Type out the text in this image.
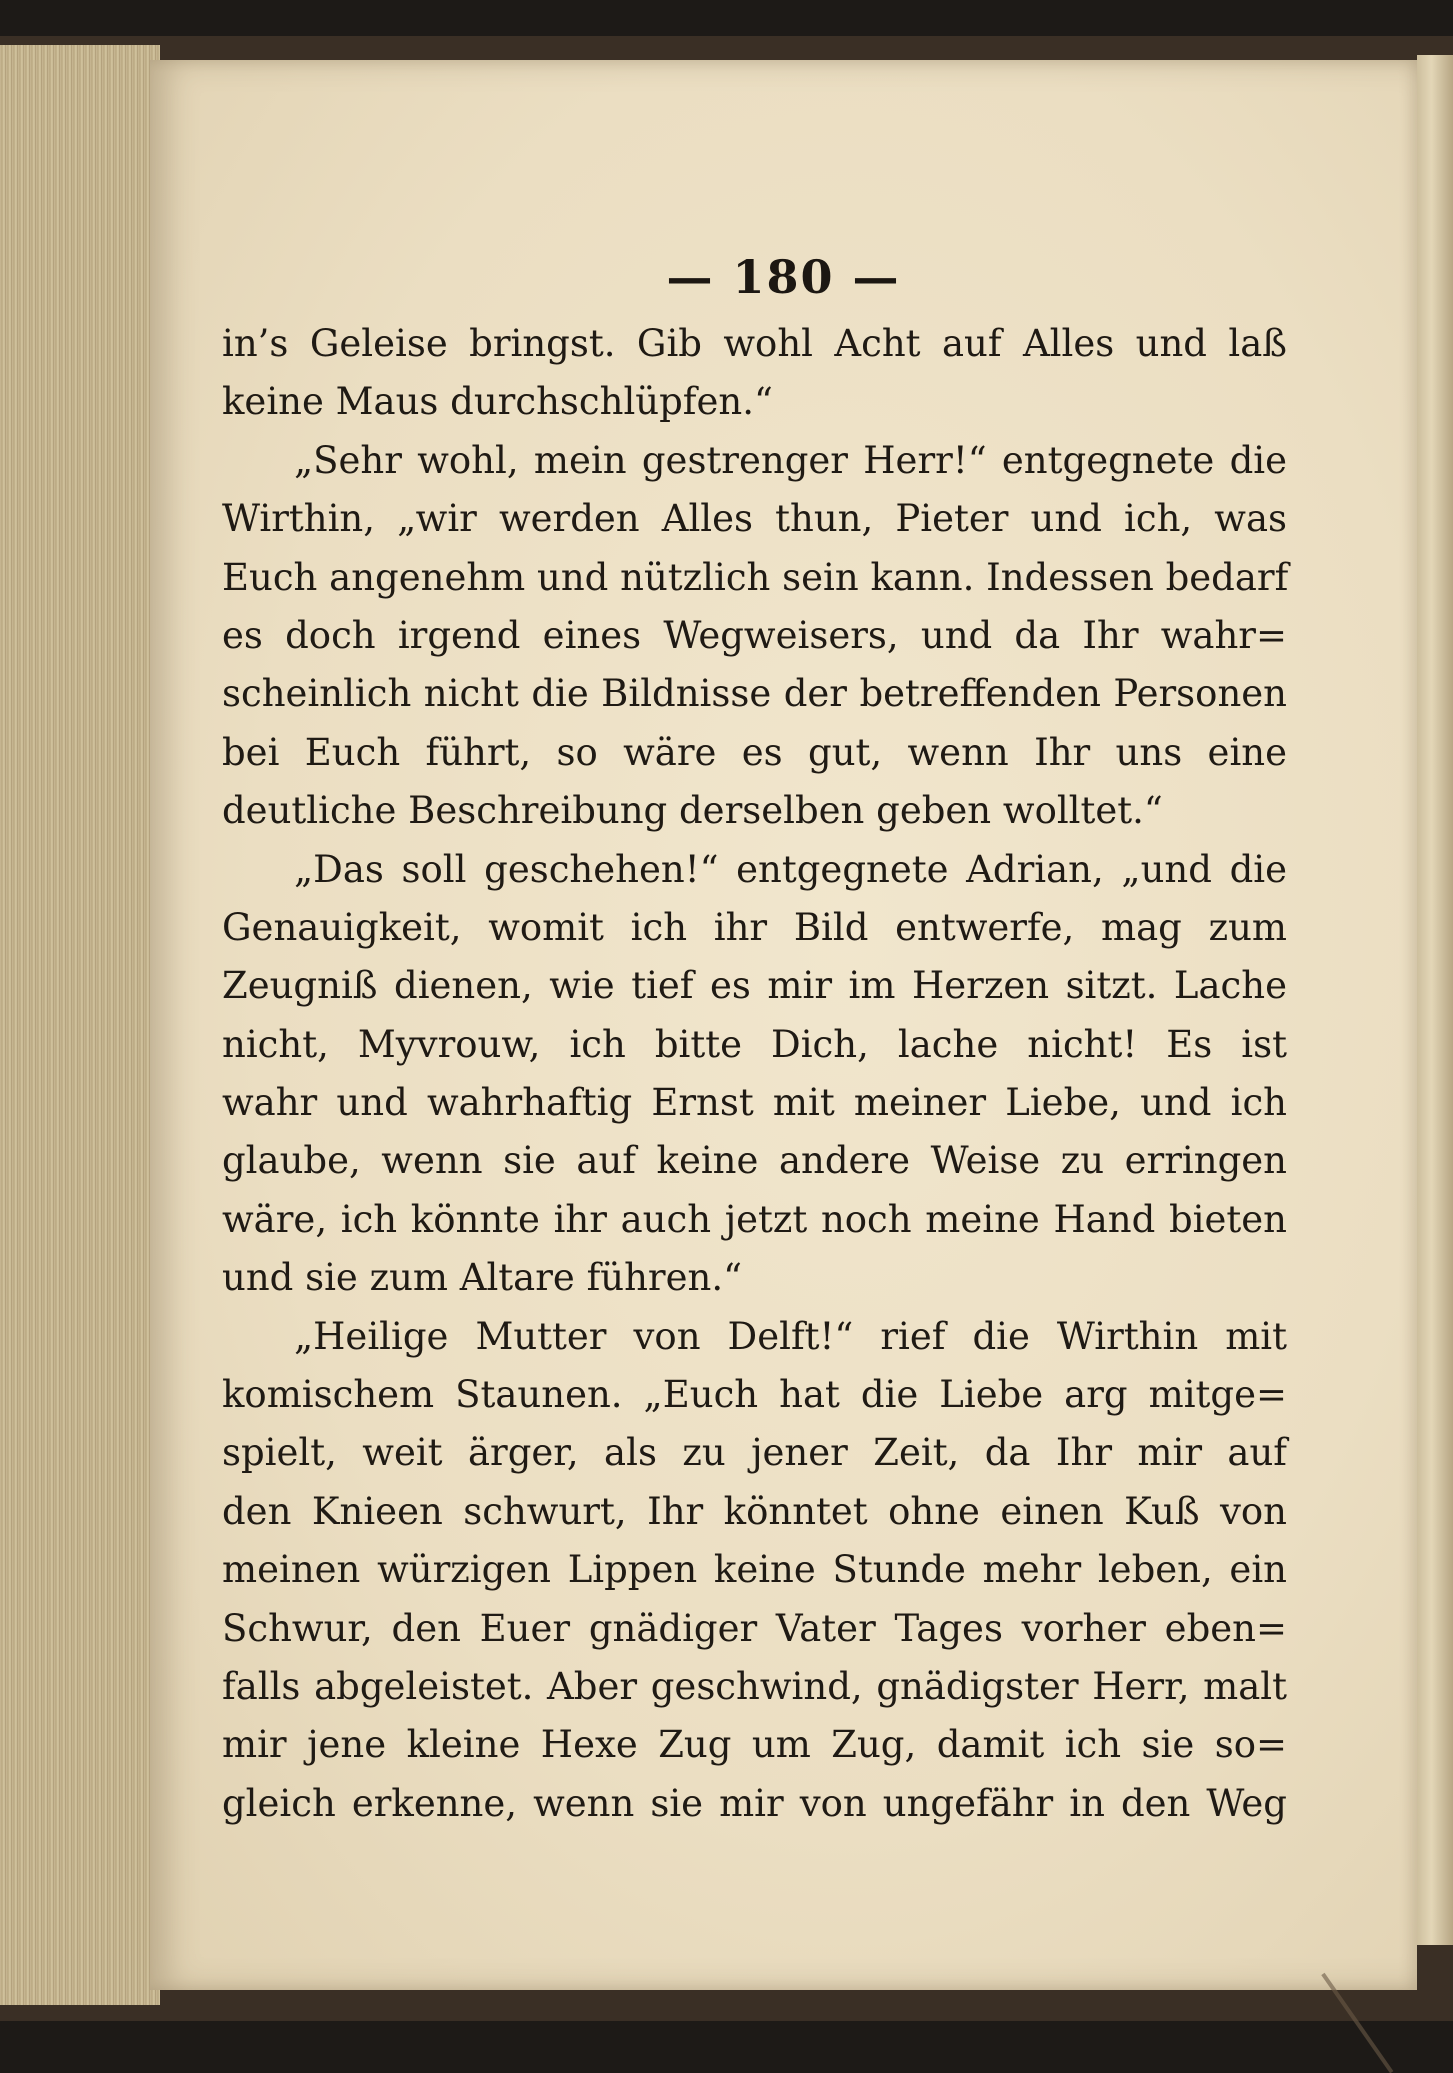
— 180 —
in’s Geleise bringst. Gib wohl Acht auf Alles und laß
keine Maus durchschlüpfen.“
„Sehr wohl, mein gestrenger Herr!“ entgegnete die
Wirthin, „wir werden Alles thun, Pieter und ich, was
Euch angenehm und nützlich sein kann. Indessen bedarf
es doch irgend eines Wegweisers, und da Ihr wahr=
scheinlich nicht die Bildnisse der betreffenden Personen
bei Euch führt, so wäre es gut, wenn Ihr uns eine
deutliche Beschreibung derselben geben wolltet.“
„Das soll geschehen!“ entgegnete Adrian, „und die
Genauigkeit, womit ich ihr Bild entwerfe, mag zum
Zeugniß dienen, wie tief es mir im Herzen sitzt. Lache
nicht, Myvrouw, ich bitte Dich, lache nicht! Es ist
wahr und wahrhaftig Ernst mit meiner Liebe, und ich
glaube, wenn sie auf keine andere Weise zu erringen
wäre, ich könnte ihr auch jetzt noch meine Hand bieten
und sie zum Altare führen.“
„Heilige Mutter von Delft!“ rief die Wirthin mit
komischem Staunen. „Euch hat die Liebe arg mitge=
spielt, weit ärger, als zu jener Zeit, da Ihr mir auf
den Knieen schwurt, Ihr könntet ohne einen Kuß von
meinen würzigen Lippen keine Stunde mehr leben, ein
Schwur, den Euer gnädiger Vater Tages vorher eben=
falls abgeleistet. Aber geschwind, gnädigster Herr, malt
mir jene kleine Hexe Zug um Zug, damit ich sie so=
gleich erkenne, wenn sie mir von ungefähr in den Weg
